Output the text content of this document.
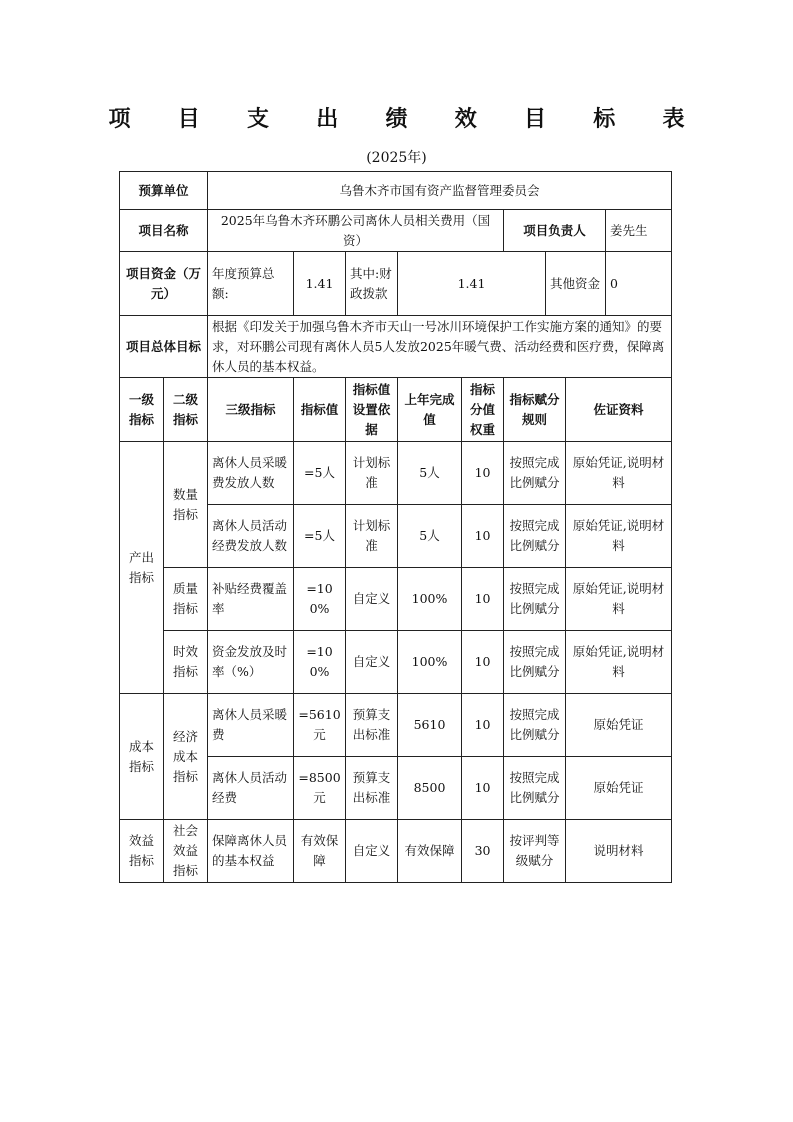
项 目 支 出 绩 效 目 标 表
(2025年)
预算单位		乌鲁木齐市国有资产监督管理委员会								
项目名称		2025年乌鲁木齐环鹏公司离休人员相关费用（国资）					项目负责人			姜先生
项目资金（万元）		年度预算总额:	1.41	其中:财政拨款	1.41			其他资金		0
项目总体目标		根据《印发关于加强乌鲁木齐市天山一号冰川环境保护工作实施方案的通知》的要求，对环鹏公司现有离休人员5人发放2025年暖气费、活动经费和医疗费，保障离休人员的基本权益。								
一级指标	二级指标	三级指标	指标值	指标值设置依据	上年完成值	指标分值权重	指标赋分规则		佐证资料	
产出指标	数量指标	离休人员采暖费发放人数	=5人	计划标准	5人	10	按照完成比例赋分		原始凭证,说明材料	
		离休人员活动经费发放人数	=5人	计划标准	5人	10	按照完成比例赋分		原始凭证,说明材料	
	质量指标	补贴经费覆盖率	=100%	自定义	100%	10	按照完成比例赋分		原始凭证,说明材料	
	时效指标	资金发放及时率（%）	=100%	自定义	100%	10	按照完成比例赋分		原始凭证,说明材料	
成本指标	经济成本指标	离休人员采暖费	=5610元	预算支出标准	5610	10	按照完成比例赋分		原始凭证	
		离休人员活动经费	=8500元	预算支出标准	8500	10	按照完成比例赋分		原始凭证	
效益指标	社会效益指标	保障离休人员的基本权益	有效保障	自定义	有效保障	30	按评判等级赋分		说明材料	
